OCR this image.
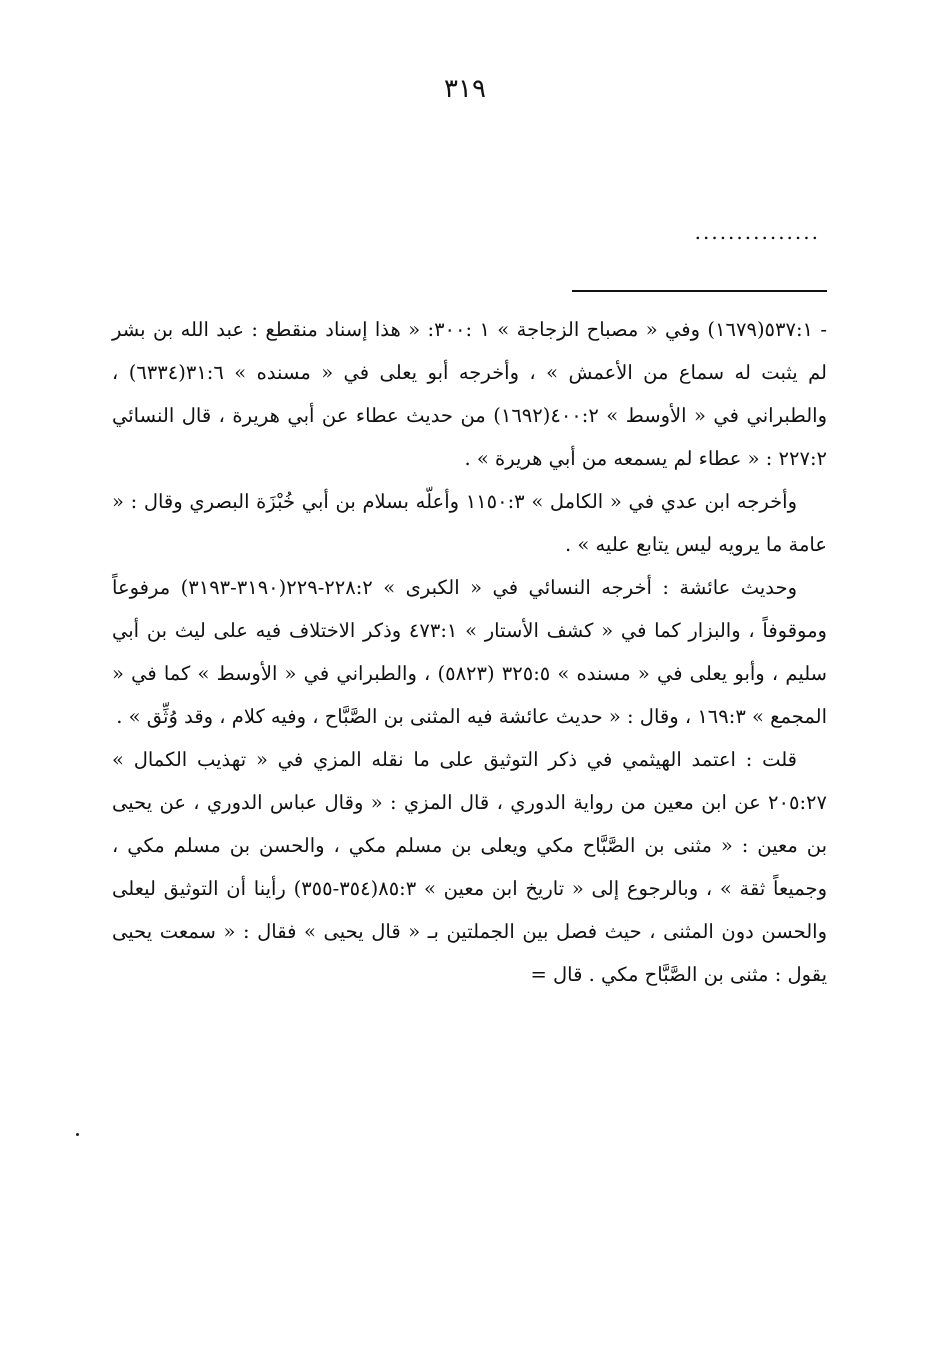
٣١٩
...............

- ٥٣٧:١(١٦٧٩) وفي « مصباح الزجاجة » ١ :٣٠٠: « هذا إسناد منقطع : عبد الله بن بشر لم يثبت له سماع من الأعمش » ، وأخرجه أبو يعلى في « مسنده » ٣١:٦(٦٣٣٤) ، والطبراني في « الأوسط » ٤٠٠:٢(١٦٩٢) من حديث عطاء عن أبي هريرة ، قال النسائي ٢٢٧:٢ : « عطاء لم يسمعه من أبي هريرة » .

وأخرجه ابن عدي في « الكامل » ١١٥٠:٣ وأعلّه بسلام بن أبي خُبْزَة البصري وقال : « عامة ما يرويه ليس يتابع عليه » .

وحديث عائشة : أخرجه النسائي في « الكبرى » ٢٢٨:٢-٢٢٩(٣١٩٠-٣١٩٣) مرفوعاً وموقوفاً ، والبزار كما في « كشف الأستار » ٤٧٣:١ وذكر الاختلاف فيه على ليث بن أبي سليم ، وأبو يعلى في « مسنده » ٣٢٥:٥ (٥٨٢٣) ، والطبراني في « الأوسط » كما في « المجمع » ١٦٩:٣ ، وقال : « حديث عائشة فيه المثنى بن الصَّبَّاح ، وفيه كلام ، وقد وُثِّق » .

قلت : اعتمد الهيثمي في ذكر التوثيق على ما نقله المزي في « تهذيب الكمال » ٢٠٥:٢٧ عن ابن معين من رواية الدوري ، قال المزي : « وقال عباس الدوري ، عن يحيى بن معين : « مثنى بن الصَّبَّاح مكي ويعلى بن مسلم مكي ، والحسن بن مسلم مكي ، وجميعاً ثقة » ، وبالرجوع إلى « تاريخ ابن معين » ٨٥:٣(٣٥٤-٣٥٥) رأينا أن التوثيق ليعلى والحسن دون المثنى ، حيث فصل بين الجملتين بـ « قال يحيى » فقال : « سمعت يحيى يقول : مثنى بن الصَّبَّاح مكي . قال =
